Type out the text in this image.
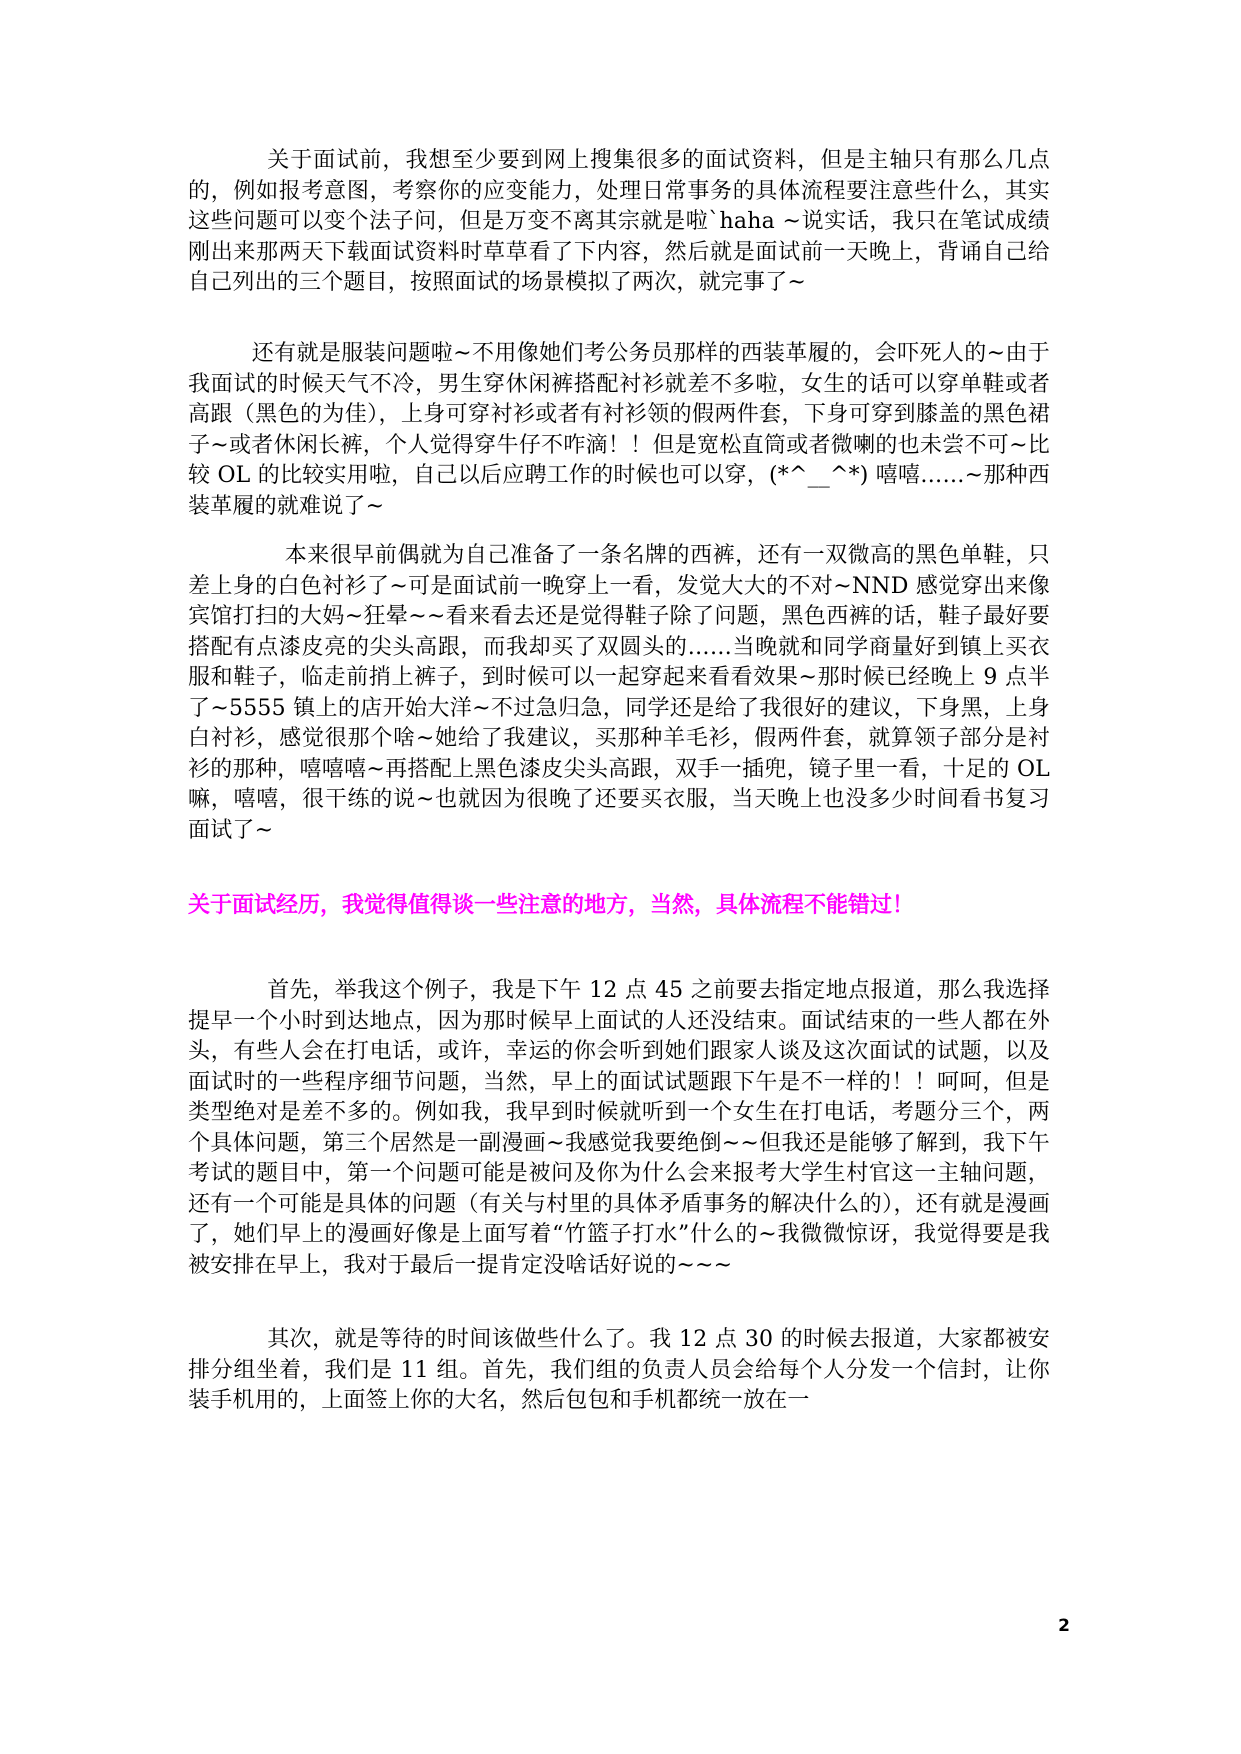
关于面试前，我想至少要到网上搜集很多的面试资料，但是主轴只有那么几点的，例如报考意图，考察你的应变能力，处理日常事务的具体流程要注意些什么，其实这些问题可以变个法子问，但是万变不离其宗就是啦`haha ~说实话，我只在笔试成绩刚出来那两天下载面试资料时草草看了下内容，然后就是面试前一天晚上，背诵自己给自己列出的三个题目，按照面试的场景模拟了两次，就完事了~
还有就是服装问题啦~不用像她们考公务员那样的西装革履的，会吓死人的~由于我面试的时候天气不冷，男生穿休闲裤搭配衬衫就差不多啦，女生的话可以穿单鞋或者高跟（黑色的为佳），上身可穿衬衫或者有衬衫领的假两件套，下身可穿到膝盖的黑色裙子~或者休闲长裤，个人觉得穿牛仔不咋滴！！但是宽松直筒或者微喇的也未尝不可~比较 OL 的比较实用啦，自己以后应聘工作的时候也可以穿，(*^__^*) 嘻嘻……~那种西装革履的就难说了~
本来很早前偶就为自己准备了一条名牌的西裤，还有一双微高的黑色单鞋，只差上身的白色衬衫了~可是面试前一晚穿上一看，发觉大大的不对~NND 感觉穿出来像宾馆打扫的大妈~狂晕~~看来看去还是觉得鞋子除了问题，黑色西裤的话，鞋子最好要搭配有点漆皮亮的尖头高跟，而我却买了双圆头的……当晚就和同学商量好到镇上买衣服和鞋子，临走前捎上裤子，到时候可以一起穿起来看看效果~那时候已经晚上 9 点半了~5555 镇上的店开始大洋~不过急归急，同学还是给了我很好的建议，下身黑，上身白衬衫，感觉很那个啥~她给了我建议，买那种羊毛衫，假两件套，就算领子部分是衬衫的那种，嘻嘻嘻~再搭配上黑色漆皮尖头高跟，双手一插兜，镜子里一看，十足的 OL 嘛，嘻嘻，很干练的说~也就因为很晚了还要买衣服，当天晚上也没多少时间看书复习面试了~
关于面试经历，我觉得值得谈一些注意的地方，当然，具体流程不能错过！
首先，举我这个例子，我是下午 12 点 45 之前要去指定地点报道，那么我选择提早一个小时到达地点，因为那时候早上面试的人还没结束。面试结束的一些人都在外头，有些人会在打电话，或许，幸运的你会听到她们跟家人谈及这次面试的试题，以及面试时的一些程序细节问题，当然，早上的面试试题跟下午是不一样的！！呵呵，但是类型绝对是差不多的。例如我，我早到时候就听到一个女生在打电话，考题分三个，两个具体问题，第三个居然是一副漫画~我感觉我要绝倒~~但我还是能够了解到，我下午考试的题目中，第一个问题可能是被问及你为什么会来报考大学生村官这一主轴问题，还有一个可能是具体的问题（有关与村里的具体矛盾事务的解决什么的），还有就是漫画了，她们早上的漫画好像是上面写着“竹篮子打水”什么的~我微微惊讶，我觉得要是我被安排在早上，我对于最后一提肯定没啥话好说的~~~
其次，就是等待的时间该做些什么了。我 12 点 30 的时候去报道，大家都被安排分组坐着，我们是 11 组。首先，我们组的负责人员会给每个人分发一个信封，让你装手机用的，上面签上你的大名，然后包包和手机都统一放在一
2
